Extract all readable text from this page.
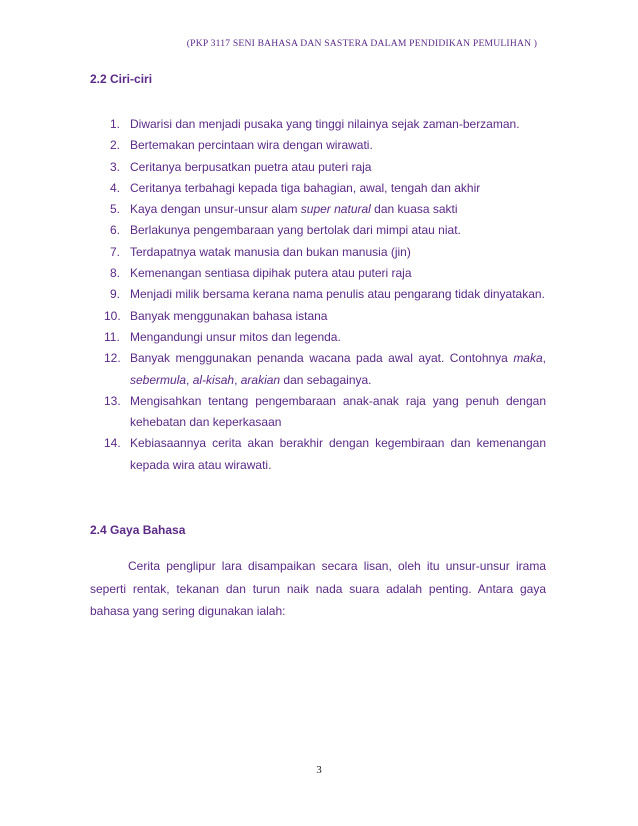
(PKP 3117 SENI BAHASA DAN SASTERA DALAM PENDIDIKAN PEMULIHAN )
2.2 Ciri-ciri
1. Diwarisi dan menjadi pusaka yang tinggi nilainya sejak zaman-berzaman.
2. Bertemakan percintaan wira dengan wirawati.
3. Ceritanya berpusatkan puetra atau puteri raja
4. Ceritanya terbahagi kepada tiga bahagian, awal, tengah dan akhir
5. Kaya dengan unsur-unsur alam super natural dan kuasa sakti
6. Berlakunya pengembaraan yang bertolak dari mimpi atau niat.
7. Terdapatnya watak manusia dan bukan manusia (jin)
8. Kemenangan sentiasa dipihak putera atau puteri raja
9. Menjadi milik bersama kerana nama penulis atau pengarang tidak dinyatakan.
10. Banyak menggunakan bahasa istana
11. Mengandungi unsur mitos dan legenda.
12. Banyak menggunakan penanda wacana pada awal ayat. Contohnya maka, sebermula, al-kisah, arakian dan sebagainya.
13. Mengisahkan tentang pengembaraan anak-anak raja yang penuh dengan kehebatan dan keperkasaan
14. Kebiasaannya cerita akan berakhir dengan kegembiraan dan kemenangan kepada wira atau wirawati.
2.4 Gaya Bahasa

Cerita penglipur lara disampaikan secara lisan, oleh itu unsur-unsur irama seperti rentak, tekanan dan turun naik nada suara adalah penting. Antara gaya bahasa yang sering digunakan ialah:

3
